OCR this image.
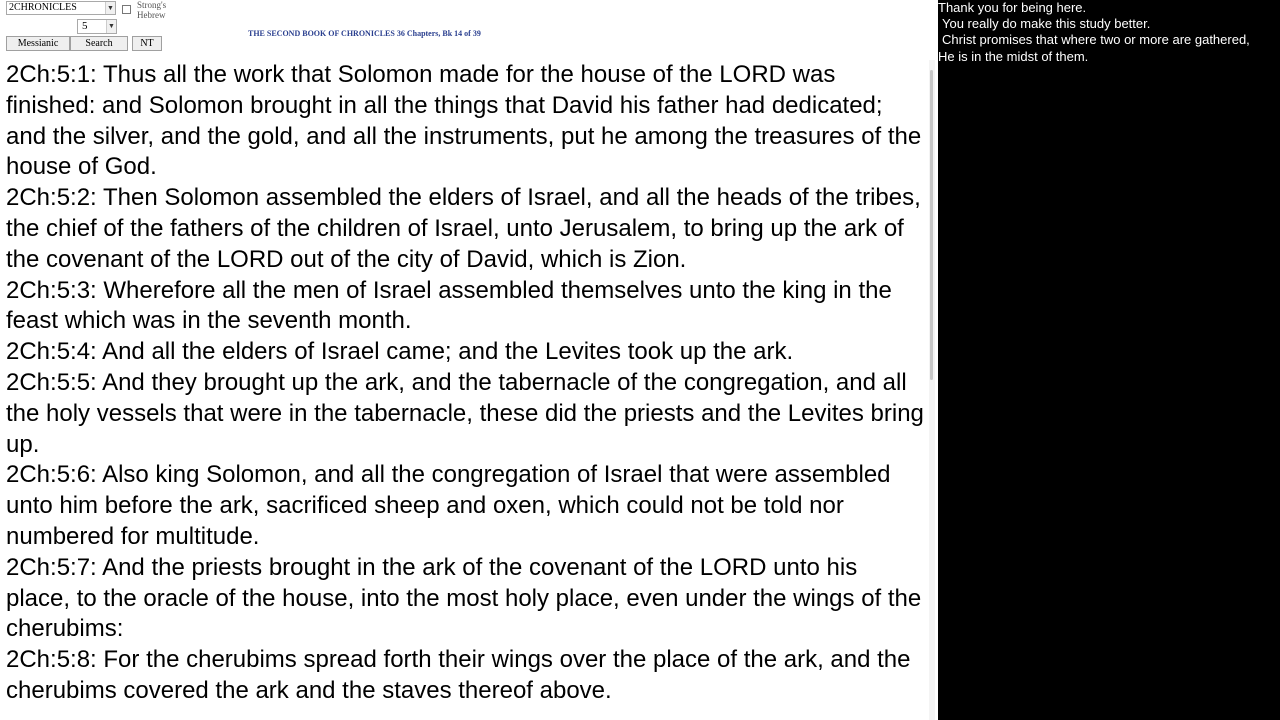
2CHRONICLES	▼	Strong's
Hebrew
5	▼
Messianic	Search	NT
THE SECOND BOOK OF CHRONICLES 36 Chapters, Bk 14 of 39

2Ch:5:1: Thus all the work that Solomon made for the house of the LORD was finished: and Solomon brought in all the things that David his father had dedicated; and the silver, and the gold, and all the instruments, put he among the treasures of the house of God.

2Ch:5:2: Then Solomon assembled the elders of Israel, and all the heads of the tribes, the chief of the fathers of the children of Israel, unto Jerusalem, to bring up the ark of the covenant of the LORD out of the city of David, which is Zion.

2Ch:5:3: Wherefore all the men of Israel assembled themselves unto the king in the feast which was in the seventh month.

2Ch:5:4: And all the elders of Israel came; and the Levites took up the ark.

2Ch:5:5: And they brought up the ark, and the tabernacle of the congregation, and all the holy vessels that were in the tabernacle, these did the priests and the Levites bring up.

2Ch:5:6: Also king Solomon, and all the congregation of Israel that were assembled unto him before the ark, sacrificed sheep and oxen, which could not be told nor numbered for multitude.

2Ch:5:7: And the priests brought in the ark of the covenant of the LORD unto his place, to the oracle of the house, into the most holy place, even under the wings of the cherubims:

2Ch:5:8: For the cherubims spread forth their wings over the place of the ark, and the cherubims covered the ark and the staves thereof above.

Thank you for being here.
You really do make this study better.
Christ promises that where two or more are gathered,
He is in the midst of them.
